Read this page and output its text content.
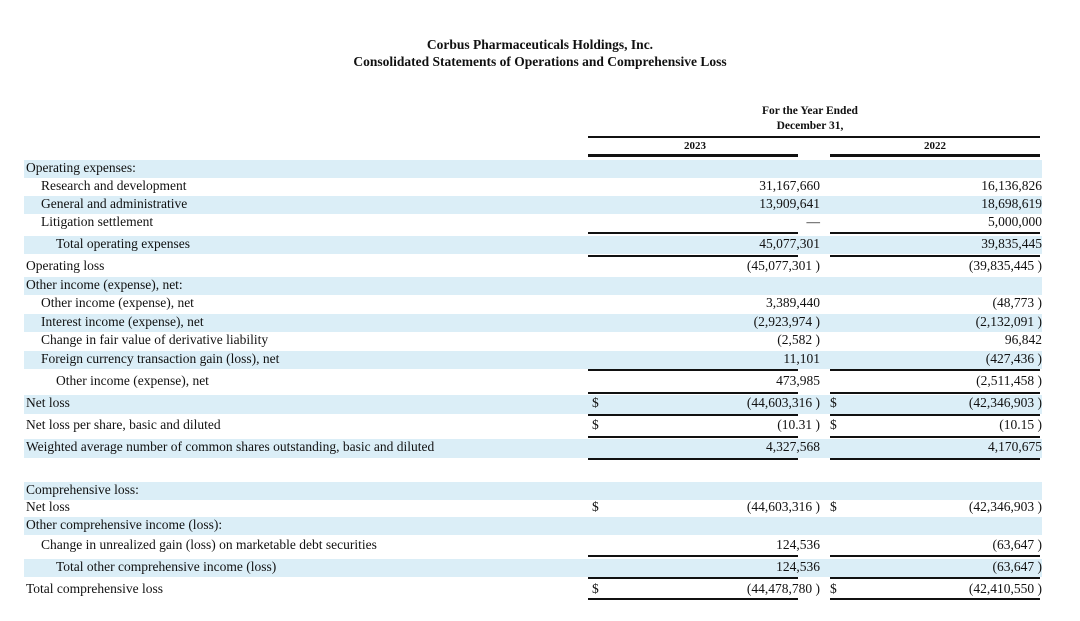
Corbus Pharmaceuticals Holdings, Inc.
Consolidated Statements of Operations and Comprehensive Loss
For the Year Ended
December 31,
2023	2022
Operating expenses:
Research and development	31,167,660	16,136,826
General and administrative	13,909,641	18,698,619
Litigation settlement	—	5,000,000
Total operating expenses	45,077,301	39,835,445
Operating loss	(45,077,301 )	(39,835,445 )
Other income (expense), net:
Other income (expense), net	3,389,440	(48,773 )
Interest income (expense), net	(2,923,974 )	(2,132,091 )
Change in fair value of derivative liability	(2,582 )	96,842
Foreign currency transaction gain (loss), net	11,101	(427,436 )
Other income (expense), net	473,985	(2,511,458 )
Net loss	$	(44,603,316 ) $	(42,346,903 )
Net loss per share, basic and diluted	$	(10.31 ) $	(10.15 )
Weighted average number of common shares outstanding, basic and diluted	4,327,568	4,170,675
Comprehensive loss:
Net loss	$	(44,603,316 ) $	(42,346,903 )
Other comprehensive income (loss):
Change in unrealized gain (loss) on marketable debt securities	124,536	(63,647 )
Total other comprehensive income (loss)	124,536	(63,647 )
Total comprehensive loss	$	(44,478,780 ) $	(42,410,550 )
